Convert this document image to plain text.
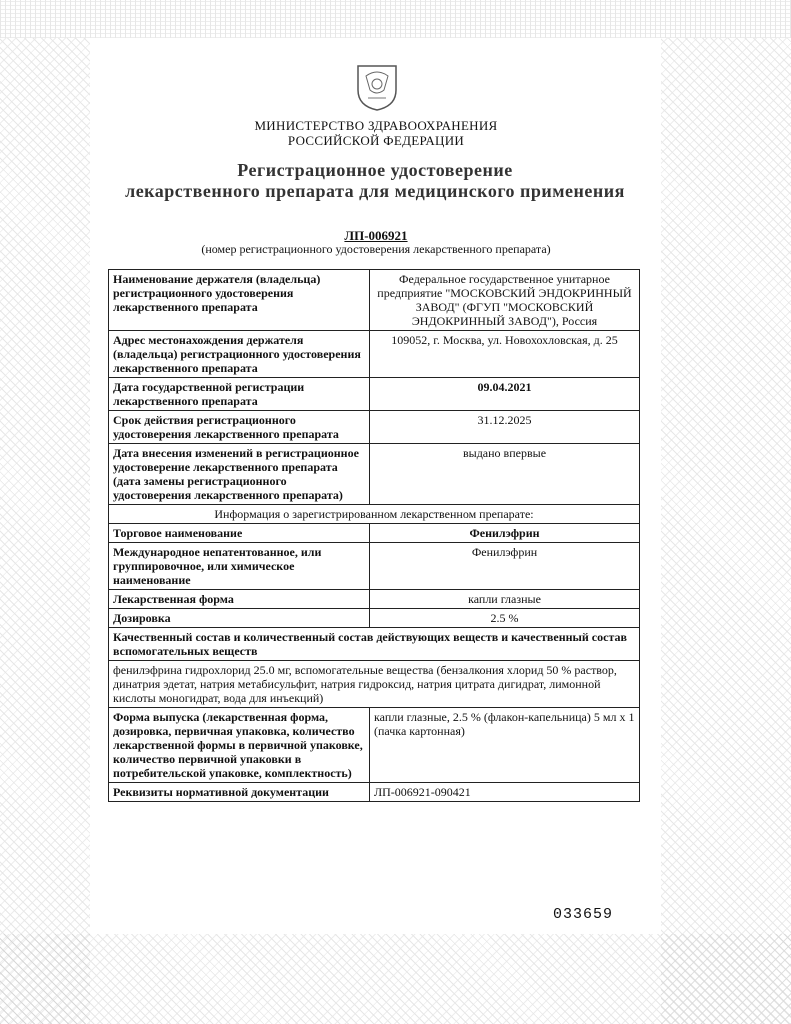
МИНИСТЕРСТВО ЗДРАВООХРАНЕНИЯ
РОССИЙСКОЙ ФЕДЕРАЦИИ
Регистрационное удостоверение
лекарственного препарата для медицинского применения
ЛП-006921
(номер регистрационного удостоверения лекарственного препарата)
Наименование держателя (владельца) регистрационного удостоверения лекарственного препарата	Федеральное государственное унитарное предприятие "МОСКОВСКИЙ ЭНДОКРИННЫЙ ЗАВОД" (ФГУП "МОСКОВСКИЙ ЭНДОКРИННЫЙ ЗАВОД"), Россия
Адрес местонахождения держателя (владельца) регистрационного удостоверения лекарственного препарата	109052, г. Москва, ул. Новохохловская, д. 25
Дата государственной регистрации лекарственного препарата	09.04.2021
Срок действия регистрационного удостоверения лекарственного препарата	31.12.2025
Дата внесения изменений в регистрационное удостоверение лекарственного препарата (дата замены регистрационного удостоверения лекарственного препарата)	выдано впервые
Информация о зарегистрированном лекарственном препарате:	
Торговое наименование	Фенилэфрин
Международное непатентованное, или группировочное, или химическое наименование	Фенилэфрин
Лекарственная форма	капли глазные
Дозировка	2.5 %
Качественный состав и количественный состав действующих веществ и качественный состав вспомогательных веществ	
фенилэфрина гидрохлорид 25.0 мг, вспомогательные вещества (бензалкония хлорид 50 % раствор, динатрия эдетат, натрия метабисульфит, натрия гидроксид, натрия цитрата дигидрат, лимонной кислоты моногидрат, вода для инъекций)	
Форма выпуска (лекарственная форма, дозировка, первичная упаковка, количество лекарственной формы в первичной упаковке, количество первичной упаковки в потребительской упаковке, комплектность)	капли глазные, 2.5 % (флакон-капельница) 5 мл х 1 (пачка картонная)
Реквизиты нормативной документации	ЛП-006921-090421
033659
